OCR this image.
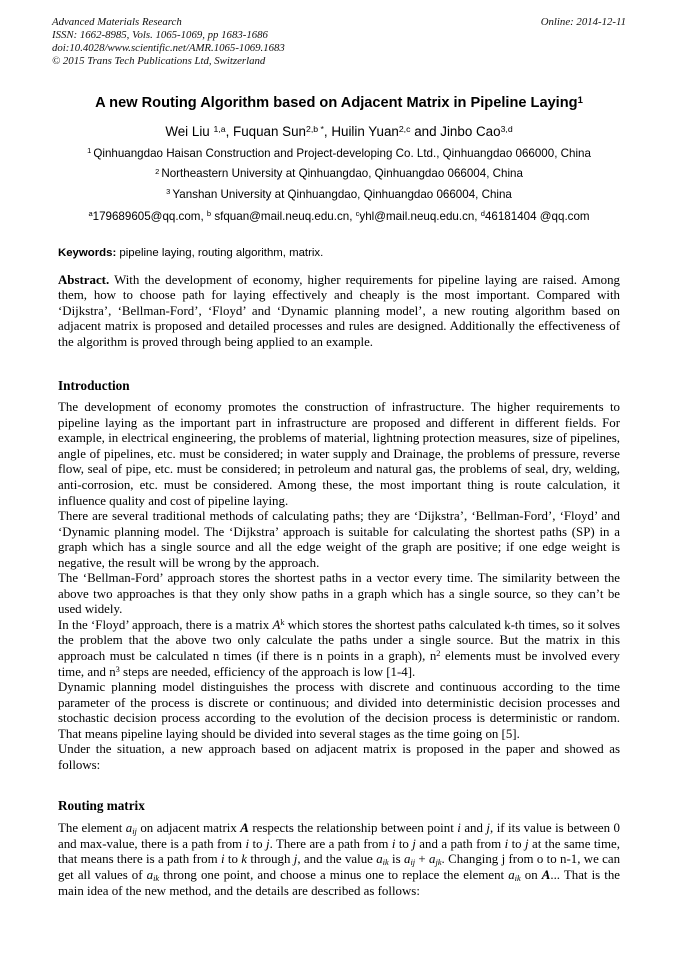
Advanced Materials Research
ISSN: 1662-8985, Vols. 1065-1069, pp 1683-1686
doi:10.4028/www.scientific.net/AMR.1065-1069.1683
© 2015 Trans Tech Publications Ltd, Switzerland
Online: 2014-12-11
A new Routing Algorithm based on Adjacent Matrix in Pipeline Laying$^1$
Wei Liu $^{1,a}$, Fuquan Sun$^{2,b *}$, Huilin Yuan$^{2,c}$ and Jinbo Cao$^{3,d}$
$^1$ Qinhuangdao Haisan Construction and Project-developing Co. Ltd., Qinhuangdao 066000, China
$^2$ Northeastern University at Qinhuangdao, Qinhuangdao 066004, China
$^3$ Yanshan University at Qinhuangdao, Qinhuangdao 066004, China
$^a$179689605@qq.com, $^b$ sfquan@mail.neuq.edu.cn, $^c$yhl@mail.neuq.edu.cn, $^d$46181404 @qq.com

Keywords: pipeline laying, routing algorithm, matrix.

Abstract. With the development of economy, higher requirements for pipeline laying are raised. Among them, how to choose path for laying effectively and cheaply is the most important. Compared with ‘Dijkstra’, ‘Bellman-Ford’, ‘Floyd’ and ‘Dynamic planning model’, a new routing algorithm based on adjacent matrix is proposed and detailed processes and rules are designed. Additionally the effectiveness of the algorithm is proved through being applied to an example.

Introduction

The development of economy promotes the construction of infrastructure. The higher requirements to pipeline laying as the important part in infrastructure are proposed and different in different fields. For example, in electrical engineering, the problems of material, lightning protection measures, size of pipelines, angle of pipelines, etc. must be considered; in water supply and Drainage, the problems of pressure, reverse flow, seal of pipe, etc. must be considered; in petroleum and natural gas, the problems of seal, dry, welding, anti-corrosion, etc. must be considered. Among these, the most important thing is route calculation, it influence quality and cost of pipeline laying.

There are several traditional methods of calculating paths; they are ‘Dijkstra’, ‘Bellman-Ford’, ‘Floyd’ and ‘Dynamic planning model. The ‘Dijkstra’ approach is suitable for calculating the shortest paths (SP) in a graph which has a single source and all the edge weight of the graph are positive; if one edge weight is negative, the result will be wrong by the approach.

The ‘Bellman-Ford’ approach stores the shortest paths in a vector every time. The similarity between the above two approaches is that they only show paths in a graph which has a single source, so they can’t be used widely.

In the ‘Floyd’ approach, there is a matrix $A^k$ which stores the shortest paths calculated k-th times, so it solves the problem that the above two only calculate the paths under a single source. But the matrix in this approach must be calculated n times (if there is n points in a graph), $n^2$ elements must be involved every time, and $n^3$ steps are needed, efficiency of the approach is low [1-4].

Dynamic planning model distinguishes the process with discrete and continuous according to the time parameter of the process is discrete or continuous; and divided into deterministic decision processes and stochastic decision process according to the evolution of the decision process is deterministic or random. That means pipeline laying should be divided into several stages as the time going on [5].

Under the situation, a new approach based on adjacent matrix is proposed in the paper and showed as follows:

Routing matrix

The element $a_{ij}$ on adjacent matrix A respects the relationship between point i and j, if its value is between 0 and max-value, there is a path from i to j. There are a path from i to j and a path from i to j at the same time, that means there is a path from i to k through j, and the value $a_{ik}$ is $a_{ij} + a_{jk}$. Changing j from o to n-1, we can get all values of $a_{ik}$ throng one point, and choose a minus one to replace the element $a_{ik}$ on A... That is the main idea of the new method, and the details are described as follows:
